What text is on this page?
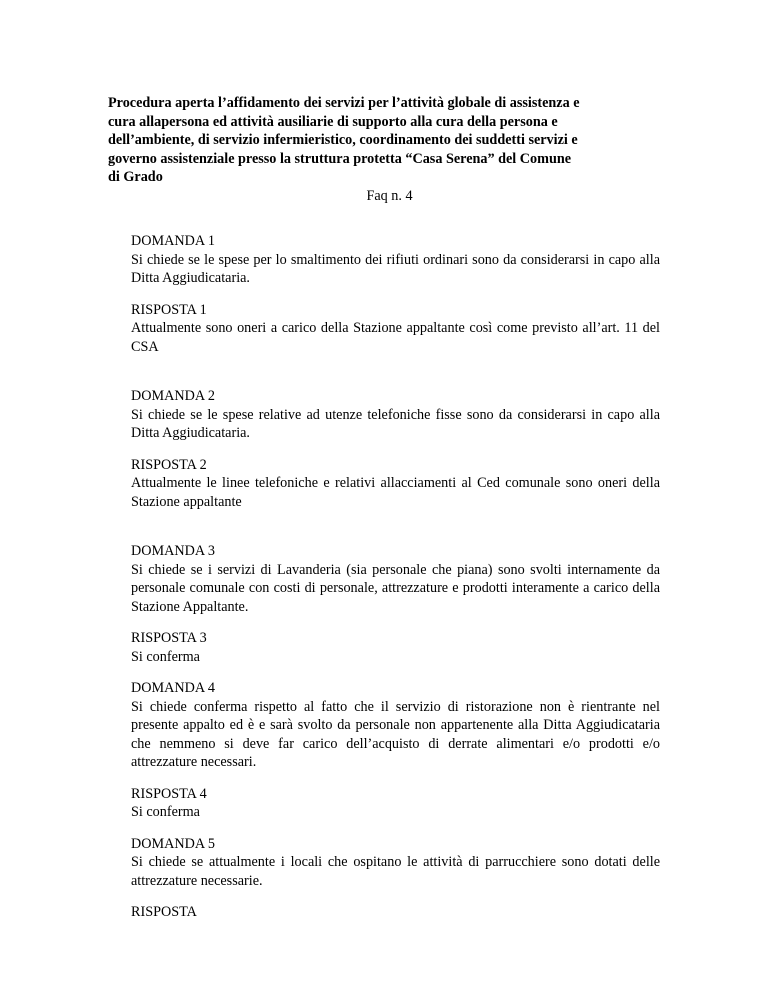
Procedura aperta l’affidamento dei servizi per l’attività globale di assistenza e
cura allapersona ed attività ausiliarie di supporto alla cura della persona e
dell’ambiente, di servizio infermieristico, coordinamento dei suddetti servizi e
governo assistenziale presso la struttura protetta “Casa Serena” del Comune
di Grado
Faq n. 4
DOMANDA 1
Si chiede se le spese per lo smaltimento dei rifiuti ordinari sono da considerarsi in capo alla Ditta Aggiudicataria.
RISPOSTA 1
Attualmente sono oneri a carico della Stazione appaltante così come previsto all’art. 11 del CSA
DOMANDA 2
Si chiede se le spese relative ad utenze telefoniche fisse sono da considerarsi in capo alla Ditta Aggiudicataria.
RISPOSTA 2
Attualmente le linee telefoniche e relativi allacciamenti al Ced comunale sono oneri della Stazione appaltante
DOMANDA 3
Si chiede se i servizi di Lavanderia (sia personale che piana) sono svolti internamente da personale comunale con costi di personale, attrezzature e prodotti interamente a carico della Stazione Appaltante.
RISPOSTA 3
Si conferma
DOMANDA 4
Si chiede conferma rispetto al fatto che il servizio di ristorazione non è rientrante nel presente appalto ed è e sarà svolto da personale non appartenente alla Ditta Aggiudicataria che nemmeno si deve far carico dell’acquisto di derrate alimentari e/o prodotti e/o attrezzature necessari.
RISPOSTA 4
Si conferma
DOMANDA 5
Si chiede se attualmente i locali che ospitano le attività di parrucchiere sono dotati delle attrezzature necessarie.
RISPOSTA
